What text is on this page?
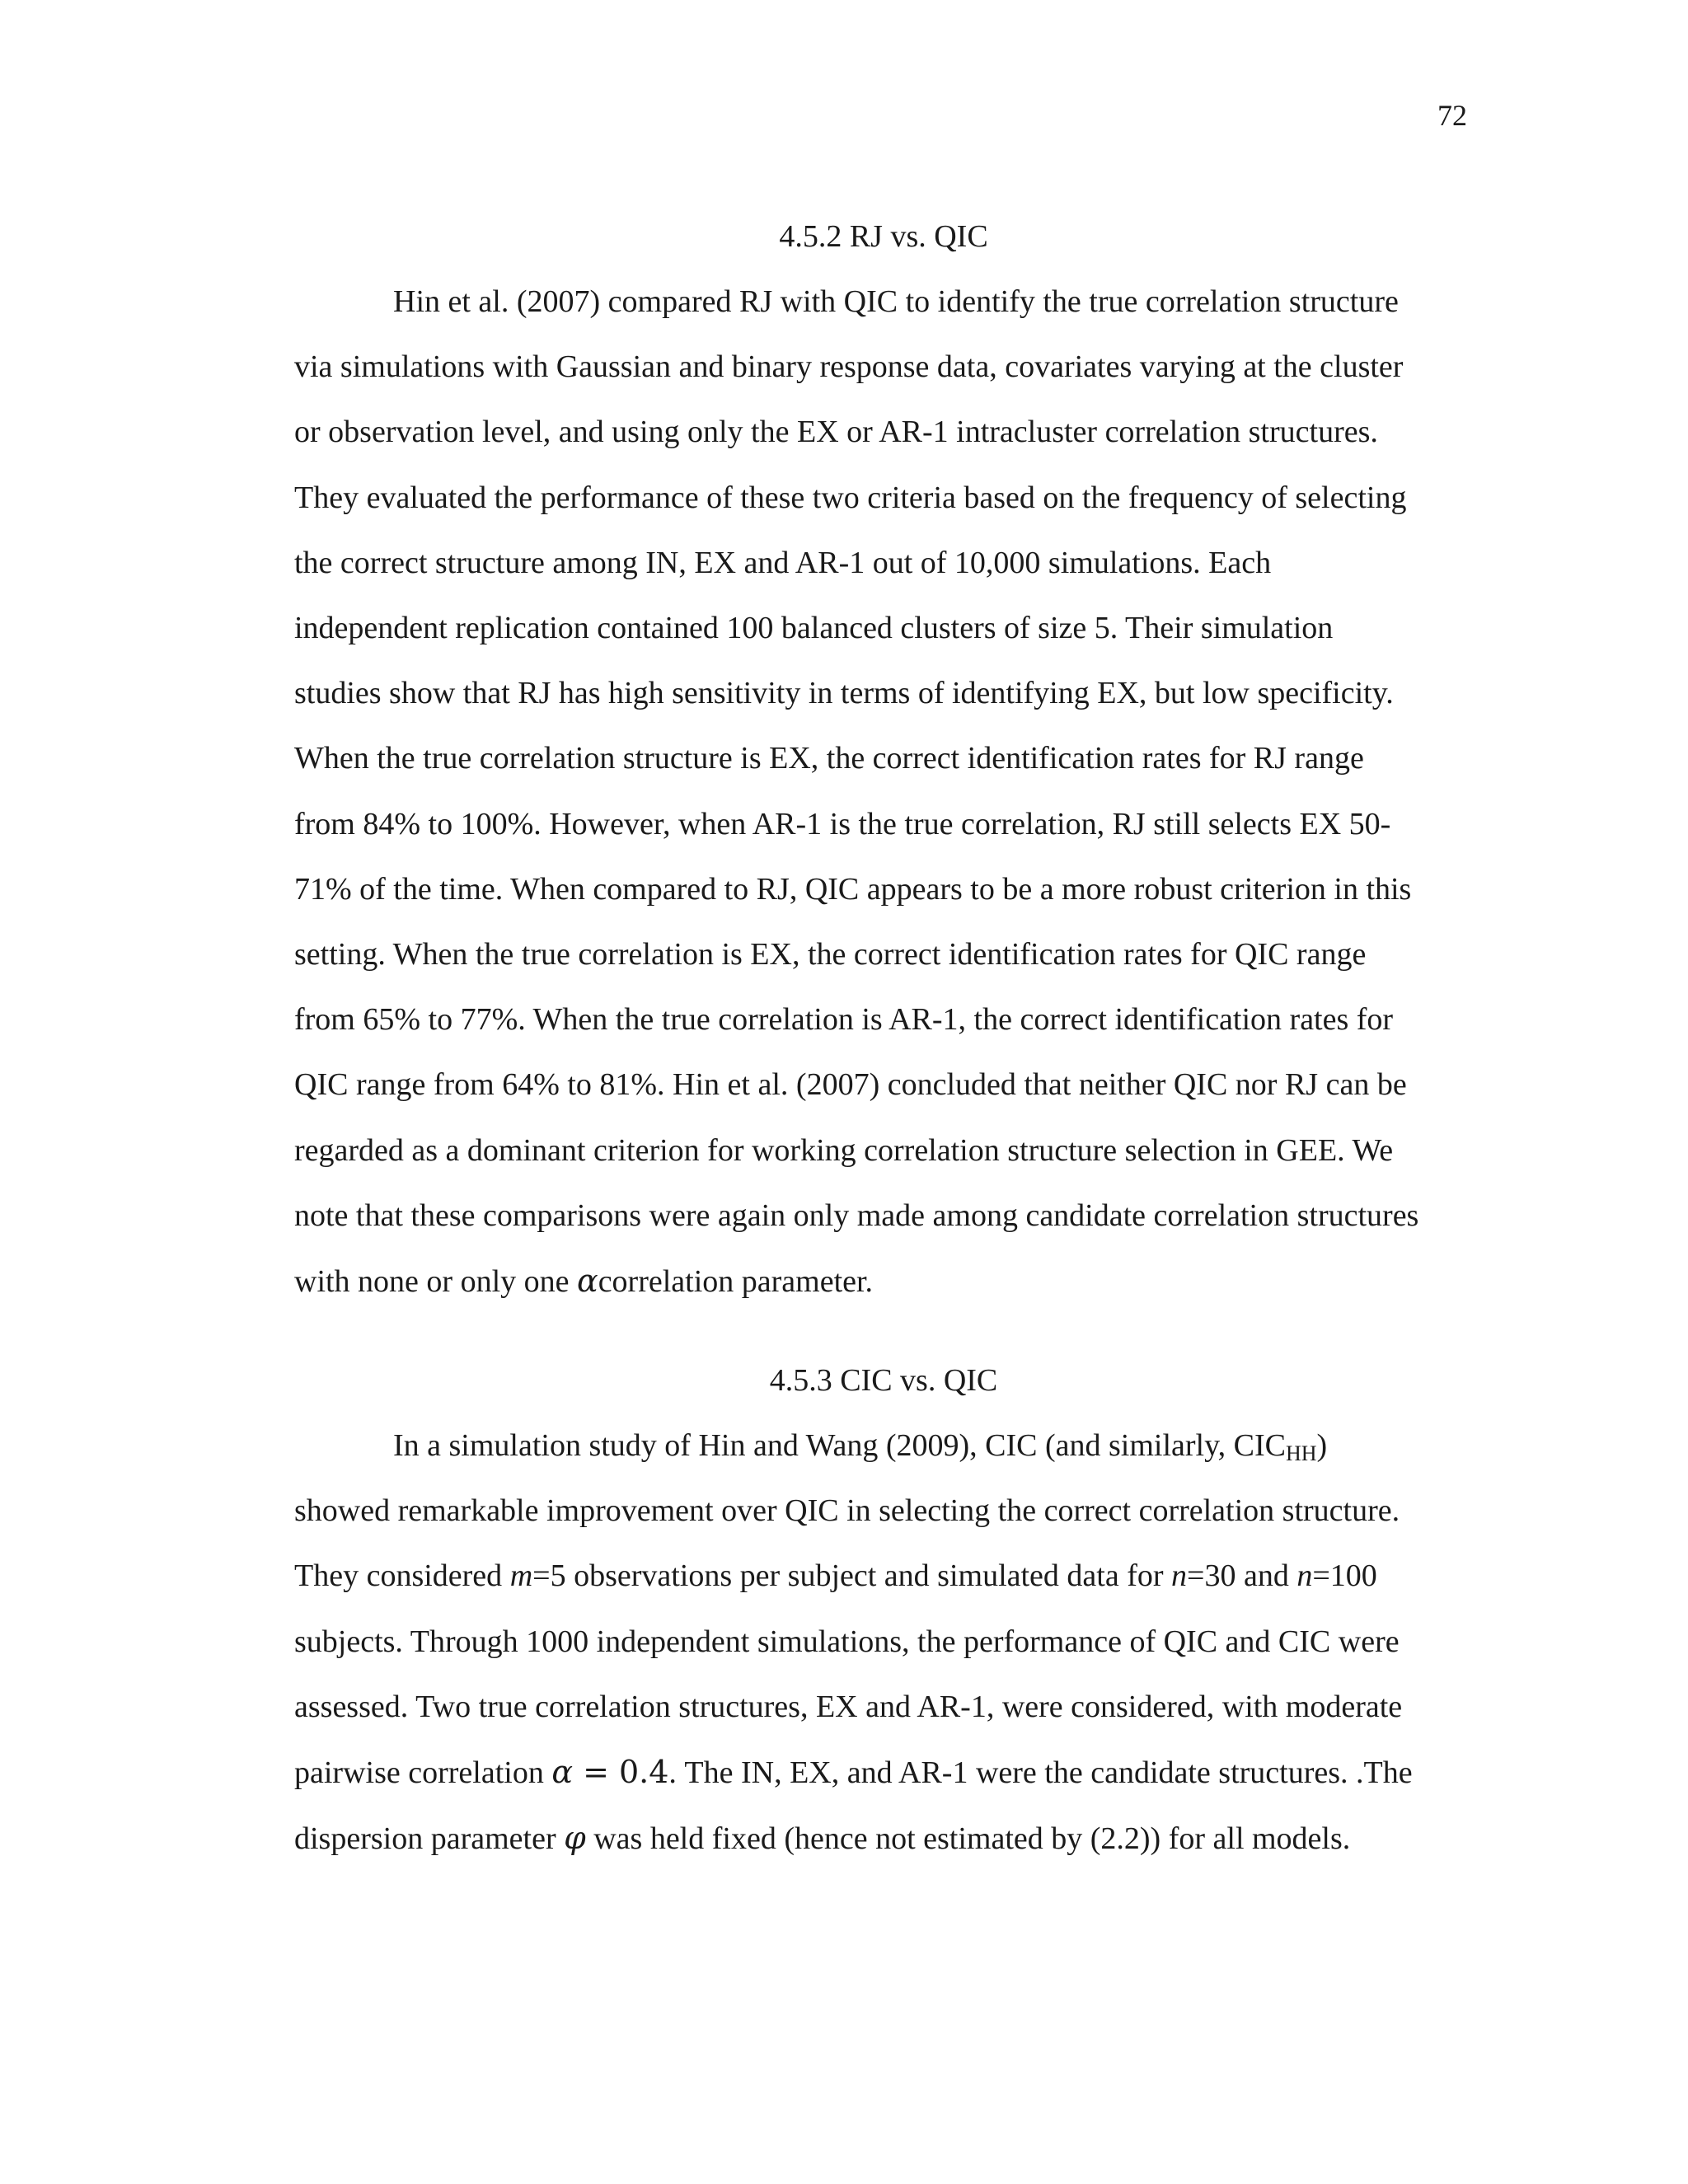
72
4.5.2 RJ vs. QIC

Hin et al. (2007) compared RJ with QIC to identify the true correlation structure
via simulations with Gaussian and binary response data, covariates varying at the cluster
or observation level, and using only the EX or AR-1 intracluster correlation structures.
They evaluated the performance of these two criteria based on the frequency of selecting
the correct structure among IN, EX and AR-1 out of 10,000 simulations. Each
independent replication contained 100 balanced clusters of size 5. Their simulation
studies show that RJ has high sensitivity in terms of identifying EX, but low specificity.
When the true correlation structure is EX, the correct identification rates for RJ range
from 84% to 100%. However, when AR-1 is the true correlation, RJ still selects EX 50-
71% of the time. When compared to RJ, QIC appears to be a more robust criterion in this
setting. When the true correlation is EX, the correct identification rates for QIC range
from 65% to 77%. When the true correlation is AR-1, the correct identification rates for
QIC range from 64% to 81%. Hin et al. (2007) concluded that neither QIC nor RJ can be
regarded as a dominant criterion for working correlation structure selection in GEE. We
note that these comparisons were again only made among candidate correlation structures
with none or only one αcorrelation parameter.

4.5.3 CIC vs. QIC

In a simulation study of Hin and Wang (2009), CIC (and similarly, $CIC_{HH}$)
showed remarkable improvement over QIC in selecting the correct correlation structure.
They considered m=5 observations per subject and simulated data for n=30 and n=100
subjects. Through 1000 independent simulations, the performance of QIC and CIC were
assessed. Two true correlation structures, EX and AR-1, were considered, with moderate
pairwise correlation α = 0.4. The IN, EX, and AR-1 were the candidate structures. .The
dispersion parameter φ was held fixed (hence not estimated by (2.2)) for all models.
